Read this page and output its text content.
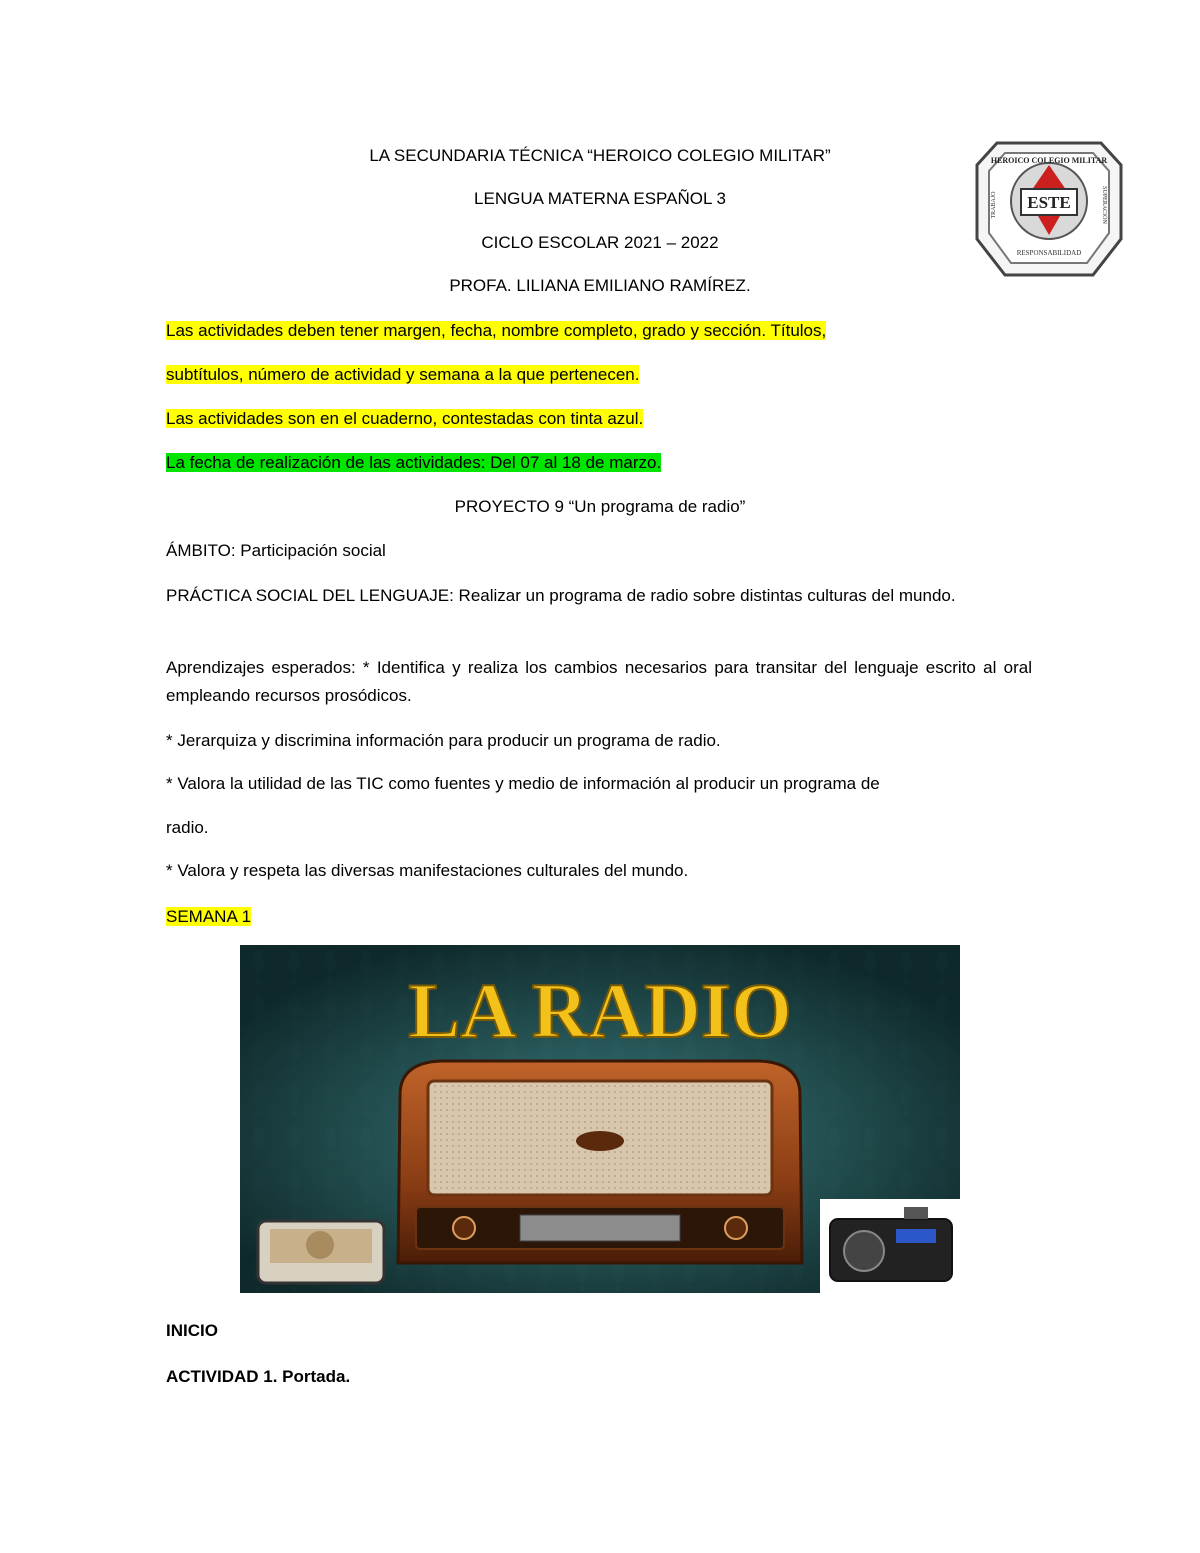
LA SECUNDARIA TÉCNICA “HEROICO COLEGIO MILITAR”
LENGUA MATERNA ESPAÑOL 3
CICLO ESCOLAR 2021 – 2022
PROFA. LILIANA EMILIANO RAMÍREZ.
ESTE
HEROICO COLEGIO MILITAR
TRABAJO	SUPERACIÓN
RESPONSABILIDAD
Las actividades deben tener margen, fecha, nombre completo, grado y sección. Títulos,
subtítulos, número de actividad y semana a la que pertenecen.
Las actividades son en el cuaderno, contestadas con tinta azul.
La fecha de realización de las actividades: Del 07 al 18 de marzo.
PROYECTO 9 “Un programa de radio”
ÁMBITO: Participación social
PRÁCTICA SOCIAL DEL LENGUAJE: Realizar un programa de radio sobre distintas culturas del mundo.
Aprendizajes esperados: * Identifica y realiza los cambios necesarios para transitar del lenguaje escrito al oral empleando recursos prosódicos.
* Jerarquiza y discrimina información para producir un programa de radio.
* Valora la utilidad de las TIC como fuentes y medio de información al producir un programa de
radio.
* Valora y respeta las diversas manifestaciones culturales del mundo.
SEMANA 1
LA RADIO
INICIO
ACTIVIDAD 1. Portada.
